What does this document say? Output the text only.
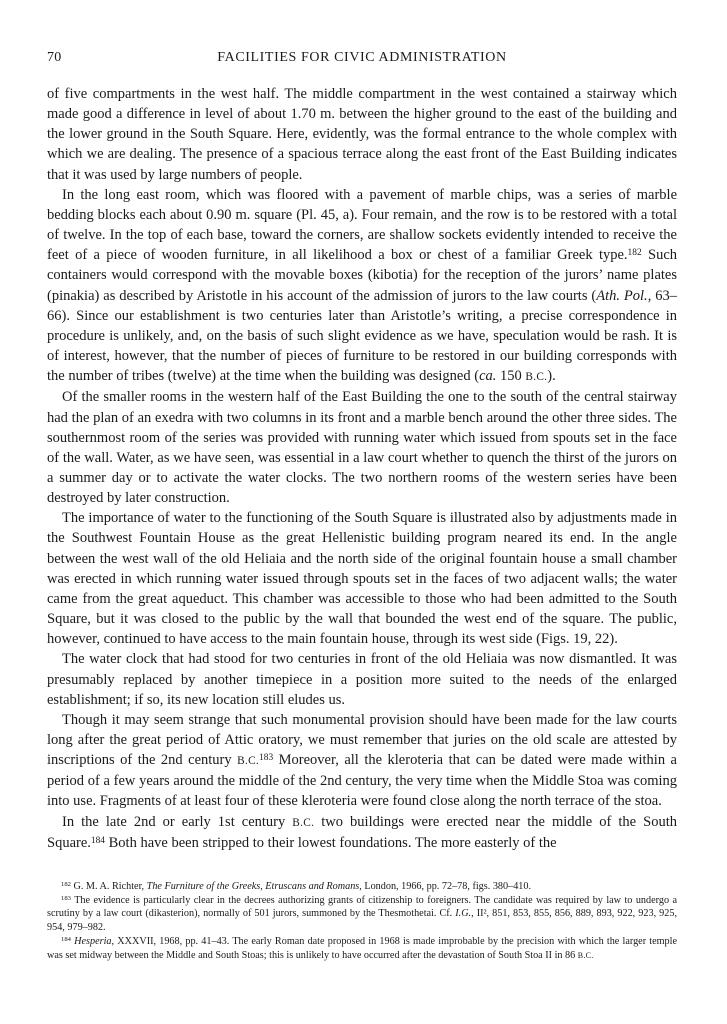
70	FACILITIES FOR CIVIC ADMINISTRATION

of five compartments in the west half. The middle compartment in the west contained a stairway which made good a difference in level of about 1.70 m. between the higher ground to the east of the building and the lower ground in the South Square. Here, evidently, was the formal entrance to the whole complex with which we are dealing. The presence of a spacious terrace along the east front of the East Building indicates that it was used by large numbers of people.

In the long east room, which was floored with a pavement of marble chips, was a series of marble bedding blocks each about 0.90 m. square (Pl. 45, a). Four remain, and the row is to be restored with a total of twelve. In the top of each base, toward the corners, are shallow sockets evidently intended to receive the feet of a piece of wooden furniture, in all likelihood a box or chest of a familiar Greek type.$^{182}$ Such containers would correspond with the movable boxes (kibotia) for the reception of the jurors’ name plates (pinakia) as described by Aristotle in his account of the admission of jurors to the law courts (Ath. Pol., 63–66). Since our establishment is two centuries later than Aristotle’s writing, a precise correspondence in procedure is unlikely, and, on the basis of such slight evidence as we have, speculation would be rash. It is of interest, however, that the number of pieces of furniture to be restored in our building corresponds with the number of tribes (twelve) at the time when the building was designed (ca. 150 B.C.).

Of the smaller rooms in the western half of the East Building the one to the south of the central stairway had the plan of an exedra with two columns in its front and a marble bench around the other three sides. The southernmost room of the series was provided with running water which issued from spouts set in the face of the wall. Water, as we have seen, was essential in a law court whether to quench the thirst of the jurors on a summer day or to activate the water clocks. The two northern rooms of the western series have been destroyed by later construction.

The importance of water to the functioning of the South Square is illustrated also by adjustments made in the Southwest Fountain House as the great Hellenistic building program neared its end. In the angle between the west wall of the old Heliaia and the north side of the original fountain house a small chamber was erected in which running water issued through spouts set in the faces of two adjacent walls; the water came from the great aqueduct. This chamber was accessible to those who had been admitted to the South Square, but it was closed to the public by the wall that bounded the west end of the square. The public, however, continued to have access to the main fountain house, through its west side (Figs. 19, 22).

The water clock that had stood for two centuries in front of the old Heliaia was now dismantled. It was presumably replaced by another timepiece in a position more suited to the needs of the enlarged establishment; if so, its new location still eludes us.

Though it may seem strange that such monumental provision should have been made for the law courts long after the great period of Attic oratory, we must remember that juries on the old scale are attested by inscriptions of the 2nd century B.C.$^{183}$ Moreover, all the kleroteria that can be dated were made within a period of a few years around the middle of the 2nd century, the very time when the Middle Stoa was coming into use. Fragments of at least four of these kleroteria were found close along the north terrace of the stoa.

In the late 2nd or early 1st century B.C. two buildings were erected near the middle of the South Square.$^{184}$ Both have been stripped to their lowest foundations. The more easterly of the

$^{182}$ G. M. A. Richter, The Furniture of the Greeks, Etruscans and Romans, London, 1966, pp. 72–78, figs. 380–410.

$^{183}$ The evidence is particularly clear in the decrees authorizing grants of citizenship to foreigners. The candidate was required by law to undergo a scrutiny by a law court (dikasterion), normally of 501 jurors, summoned by the Thesmothetai. Cf. I.G., II², 851, 853, 855, 856, 889, 893, 922, 923, 925, 954, 979–982.

$^{184}$ Hesperia, XXXVII, 1968, pp. 41–43. The early Roman date proposed in 1968 is made improbable by the precision with which the larger temple was set midway between the Middle and South Stoas; this is unlikely to have occurred after the devastation of South Stoa II in 86 B.C.
